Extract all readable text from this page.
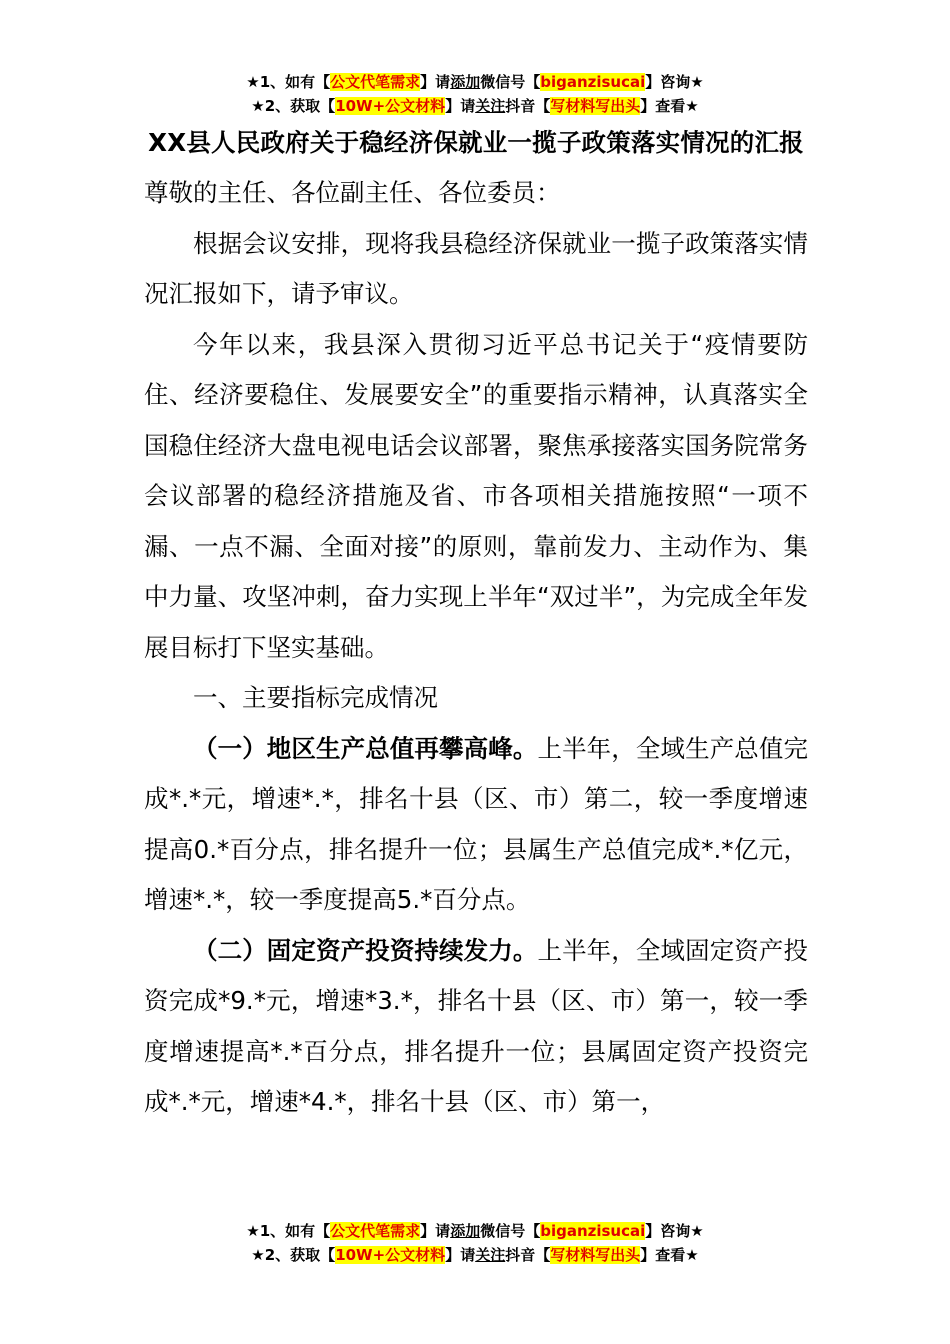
★1、如有【公文代笔需求】请添加微信号【biganzisucai】咨询★
★2、获取【10W+公文材料】请关注抖音【写材料写出头】查看★
XX县人民政府关于稳经济保就业一揽子政策落实情况的汇报

尊敬的主任、各位副主任、各位委员：

根据会议安排，现将我县稳经济保就业一揽子政策落实情况汇报如下，请予审议。

今年以来，我县深入贯彻习近平总书记关于“疫情要防住、经济要稳住、发展要安全”的重要指示精神，认真落实全国稳住经济大盘电视电话会议部署，聚焦承接落实国务院常务会议部署的稳经济措施及省、市各项相关措施按照“一项不漏、一点不漏、全面对接”的原则，靠前发力、主动作为、集中力量、攻坚冲刺，奋力实现上半年“双过半”，为完成全年发展目标打下坚实基础。

一、主要指标完成情况

（一）地区生产总值再攀高峰。上半年，全域生产总值完成*.*元，增速*.*，排名十县（区、市）第二，较一季度增速提高0.*百分点，排名提升一位；县属生产总值完成*.*亿元，增速*.*，较一季度提高5.*百分点。

（二）固定资产投资持续发力。上半年，全域固定资产投资完成*9.*元，增速*3.*，排名十县（区、市）第一，较一季度增速提高*.*百分点，排名提升一位；县属固定资产投资完成*.*元，增速*4.*，排名十县（区、市）第一，

★1、如有【公文代笔需求】请添加微信号【biganzisucai】咨询★
★2、获取【10W+公文材料】请关注抖音【写材料写出头】查看★
